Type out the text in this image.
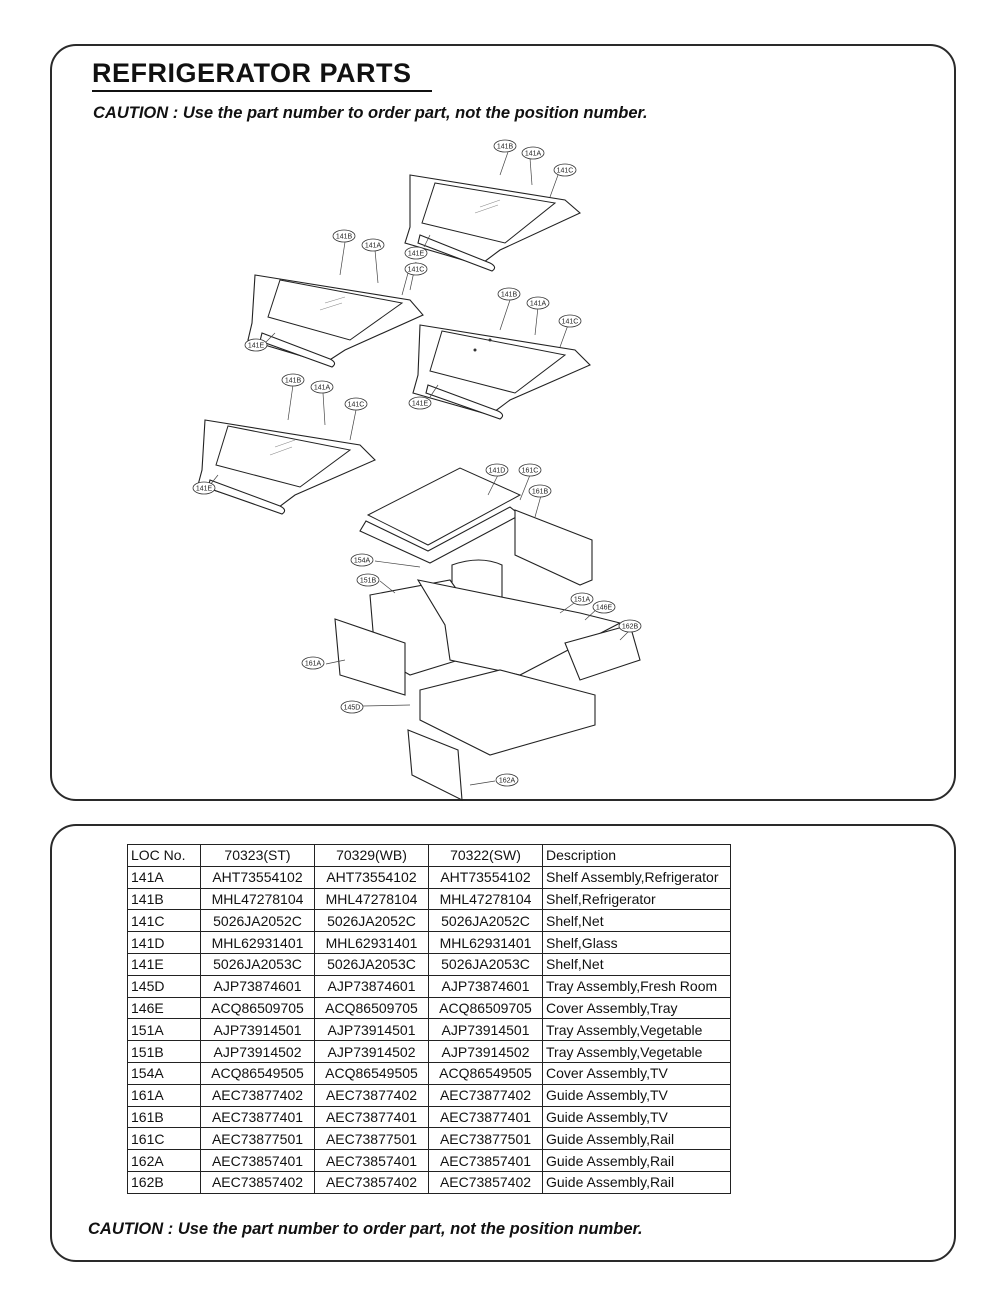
REFRIGERATOR PARTS
CAUTION : Use the part number to order part, not the position number.
141B
141A
141C
141E
141B
141A
141C
141E
141B
141A
141C
141E
141B
141A
141C
141E
141D 161C
161B
154A
151B
151A
146E
162B
161A
145D
162A
LOC No.	70323(ST)	70329(WB)	70322(SW)	Description
141A	AHT73554102	AHT73554102	AHT73554102	Shelf Assembly,Refrigerator
141B	MHL47278104	MHL47278104	MHL47278104	Shelf,Refrigerator
141C	5026JA2052C	5026JA2052C	5026JA2052C	Shelf,Net
141D	MHL62931401	MHL62931401	MHL62931401	Shelf,Glass
141E	5026JA2053C	5026JA2053C	5026JA2053C	Shelf,Net
145D	AJP73874601	AJP73874601	AJP73874601	Tray Assembly,Fresh Room
146E	ACQ86509705	ACQ86509705	ACQ86509705	Cover Assembly,Tray
151A	AJP73914501	AJP73914501	AJP73914501	Tray Assembly,Vegetable
151B	AJP73914502	AJP73914502	AJP73914502	Tray Assembly,Vegetable
154A	ACQ86549505	ACQ86549505	ACQ86549505	Cover Assembly,TV
161A	AEC73877402	AEC73877402	AEC73877402	Guide Assembly,TV
161B	AEC73877401	AEC73877401	AEC73877401	Guide Assembly,TV
161C	AEC73877501	AEC73877501	AEC73877501	Guide Assembly,Rail
162A	AEC73857401	AEC73857401	AEC73857401	Guide Assembly,Rail
162B	AEC73857402	AEC73857402	AEC73857402	Guide Assembly,Rail
CAUTION : Use the part number to order part, not the position number.
